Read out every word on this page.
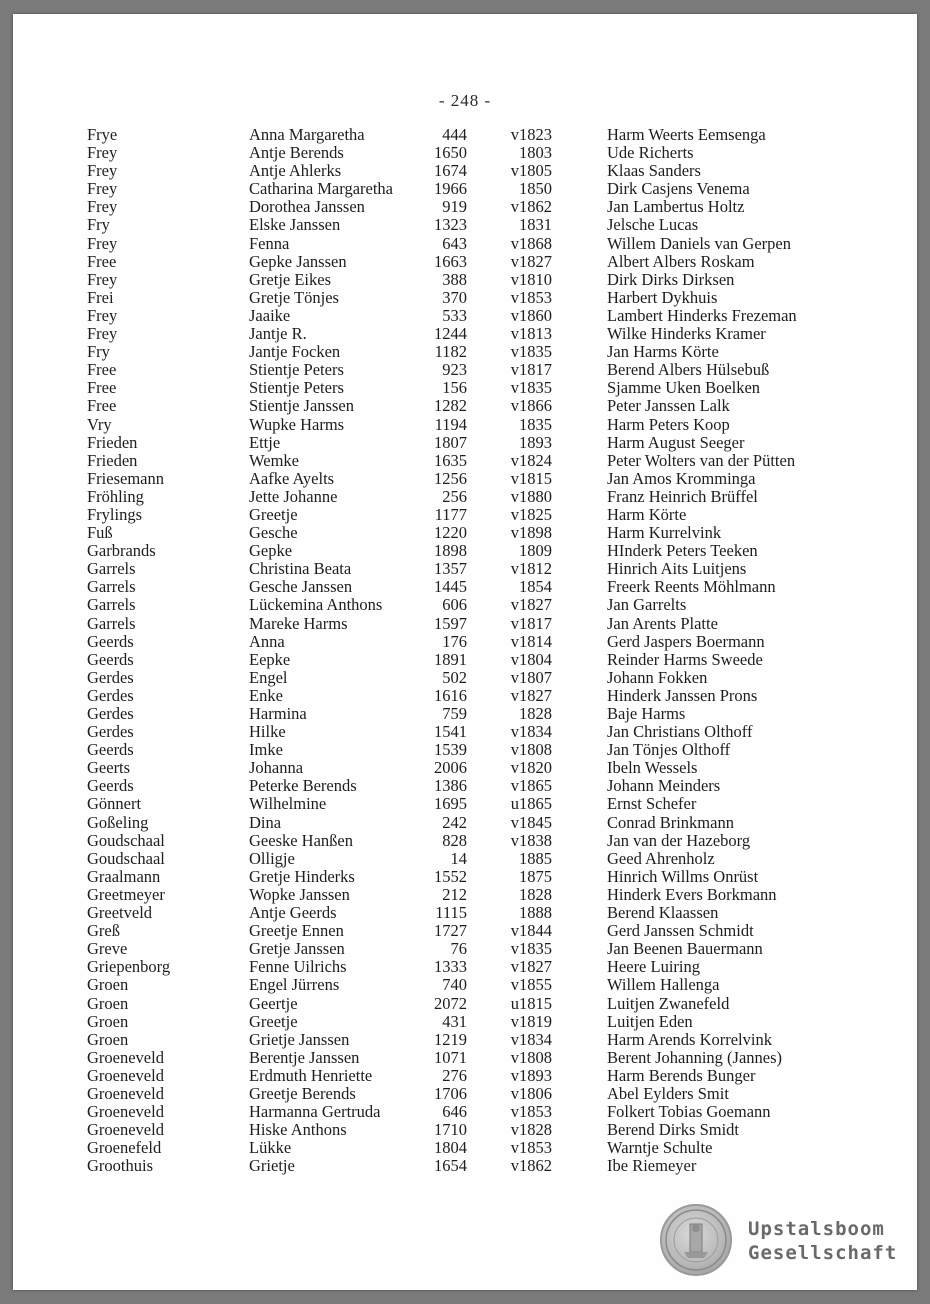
- 248 -
Frye	Anna Margaretha	444	v1823	Harm Weerts Eemsenga
Frey	Antje Berends	1650	1803	Ude Richerts
Frey	Antje Ahlerks	1674	v1805	Klaas Sanders
Frey	Catharina Margaretha	1966	1850	Dirk Casjens Venema
Frey	Dorothea Janssen	919	v1862	Jan Lambertus Holtz
Fry	Elske Janssen	1323	1831	Jelsche Lucas
Frey	Fenna	643	v1868	Willem Daniels van Gerpen
Free	Gepke Janssen	1663	v1827	Albert Albers Roskam
Frey	Gretje Eikes	388	v1810	Dirk Dirks Dirksen
Frei	Gretje Tönjes	370	v1853	Harbert Dykhuis
Frey	Jaaike	533	v1860	Lambert Hinderks Frezeman
Frey	Jantje R.	1244	v1813	Wilke Hinderks Kramer
Fry	Jantje Focken	1182	v1835	Jan Harms Körte
Free	Stientje Peters	923	v1817	Berend Albers Hülsebuß
Free	Stientje Peters	156	v1835	Sjamme Uken Boelken
Free	Stientje Janssen	1282	v1866	Peter Janssen Lalk
Vry	Wupke Harms	1194	1835	Harm Peters Koop
Frieden	Ettje	1807	1893	Harm August Seeger
Frieden	Wemke	1635	v1824	Peter Wolters van der Pütten
Friesemann	Aafke Ayelts	1256	v1815	Jan Amos Kromminga
Fröhling	Jette Johanne	256	v1880	Franz Heinrich Brüffel
Frylings	Greetje	1177	v1825	Harm Körte
Fuß	Gesche	1220	v1898	Harm Kurrelvink
Garbrands	Gepke	1898	1809	HInderk Peters Teeken
Garrels	Christina Beata	1357	v1812	Hinrich Aits Luitjens
Garrels	Gesche Janssen	1445	1854	Freerk Reents Möhlmann
Garrels	Lückemina Anthons	606	v1827	Jan Garrelts
Garrels	Mareke Harms	1597	v1817	Jan Arents Platte
Geerds	Anna	176	v1814	Gerd Jaspers Boermann
Geerds	Eepke	1891	v1804	Reinder Harms Sweede
Gerdes	Engel	502	v1807	Johann Fokken
Gerdes	Enke	1616	v1827	Hinderk Janssen Prons
Gerdes	Harmina	759	1828	Baje Harms
Gerdes	Hilke	1541	v1834	Jan Christians Olthoff
Geerds	Imke	1539	v1808	Jan Tönjes Olthoff
Geerts	Johanna	2006	v1820	Ibeln Wessels
Geerds	Peterke Berends	1386	v1865	Johann Meinders
Gönnert	Wilhelmine	1695	u1865	Ernst Schefer
Goßeling	Dina	242	v1845	Conrad Brinkmann
Goudschaal	Geeske Hanßen	828	v1838	Jan van der Hazeborg
Goudschaal	Olligje	14	1885	Geed Ahrenholz
Graalmann	Gretje Hinderks	1552	1875	Hinrich Willms Onrüst
Greetmeyer	Wopke Janssen	212	1828	Hinderk Evers Borkmann
Greetveld	Antje Geerds	1115	1888	Berend Klaassen
Greß	Greetje Ennen	1727	v1844	Gerd Janssen Schmidt
Greve	Gretje Janssen	76	v1835	Jan Beenen Bauermann
Griepenborg	Fenne Uilrichs	1333	v1827	Heere Luiring
Groen	Engel Jürrens	740	v1855	Willem Hallenga
Groen	Geertje	2072	u1815	Luitjen Zwanefeld
Groen	Greetje	431	v1819	Luitjen Eden
Groen	Grietje Janssen	1219	v1834	Harm Arends Korrelvink
Groeneveld	Berentje Janssen	1071	v1808	Berent Johanning (Jannes)
Groeneveld	Erdmuth Henriette	276	v1893	Harm Berends Bunger
Groeneveld	Greetje Berends	1706	v1806	Abel Eylders Smit
Groeneveld	Harmanna Gertruda	646	v1853	Folkert Tobias Goemann
Groeneveld	Hiske Anthons	1710	v1828	Berend Dirks Smidt
Groenefeld	Lükke	1804	v1853	Warntje Schulte
Groothuis	Grietje	1654	v1862	Ibe Riemeyer
Upstalsboom
Gesellschaft
